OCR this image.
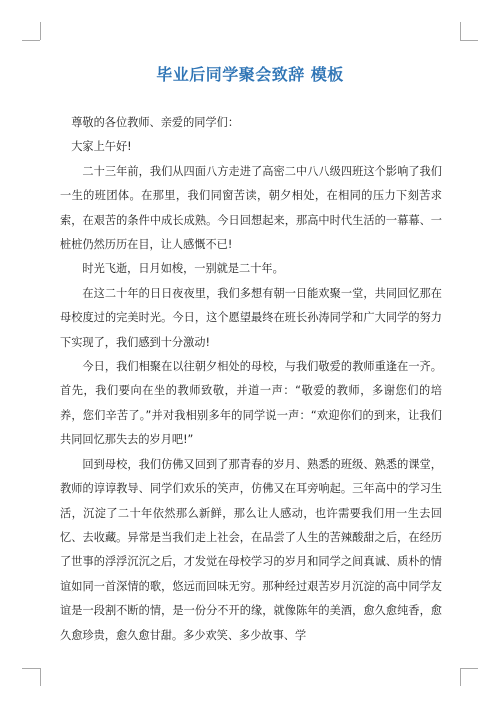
毕业后同学聚会致辞 模板

尊敬的各位教师、亲爱的同学们：

大家上午好!

二十三年前，我们从四面八方走进了高密二中八八级四班这个影响了我们一生的班团体。在那里，我们同窗苦读，朝夕相处，在相同的压力下刻苦求索，在艰苦的条件中成长成熟。今日回想起来，那高中时代生活的一幕幕、一桩桩仍然历历在目，让人感慨不已!

时光飞逝，日月如梭，一别就是二十年。

在这二十年的日日夜夜里，我们多想有朝一日能欢聚一堂，共同回忆那在母校度过的完美时光。今日，这个愿望最终在班长孙涛同学和广大同学的努力下实现了，我们感到十分激动!

今日，我们相聚在以往朝夕相处的母校，与我们敬爱的教师重逢在一齐。首先，我们要向在坐的教师致敬，并道一声：“敬爱的教师，多谢您们的培养，您们辛苦了。”并对我相别多年的同学说一声：“欢迎你们的到来，让我们共同回忆那失去的岁月吧!”

回到母校，我们仿佛又回到了那青春的岁月、熟悉的班级、熟悉的课堂，教师的谆谆教导、同学们欢乐的笑声，仿佛又在耳旁响起。三年高中的学习生活，沉淀了二十年依然那么新鲜，那么让人感动，也许需要我们用一生去回忆、去收藏。异常是当我们走上社会，在品尝了人生的苦辣酸甜之后，在经历了世事的浮浮沉沉之后，才发觉在母校学习的岁月和同学之间真诚、质朴的情谊如同一首深情的歌，悠远而回味无穷。那种经过艰苦岁月沉淀的高中同学友谊是一段割不断的情，是一份分不开的缘，就像陈年的美酒，愈久愈纯香，愈久愈珍贵，愈久愈甘甜。多少欢笑、多少故事、学
